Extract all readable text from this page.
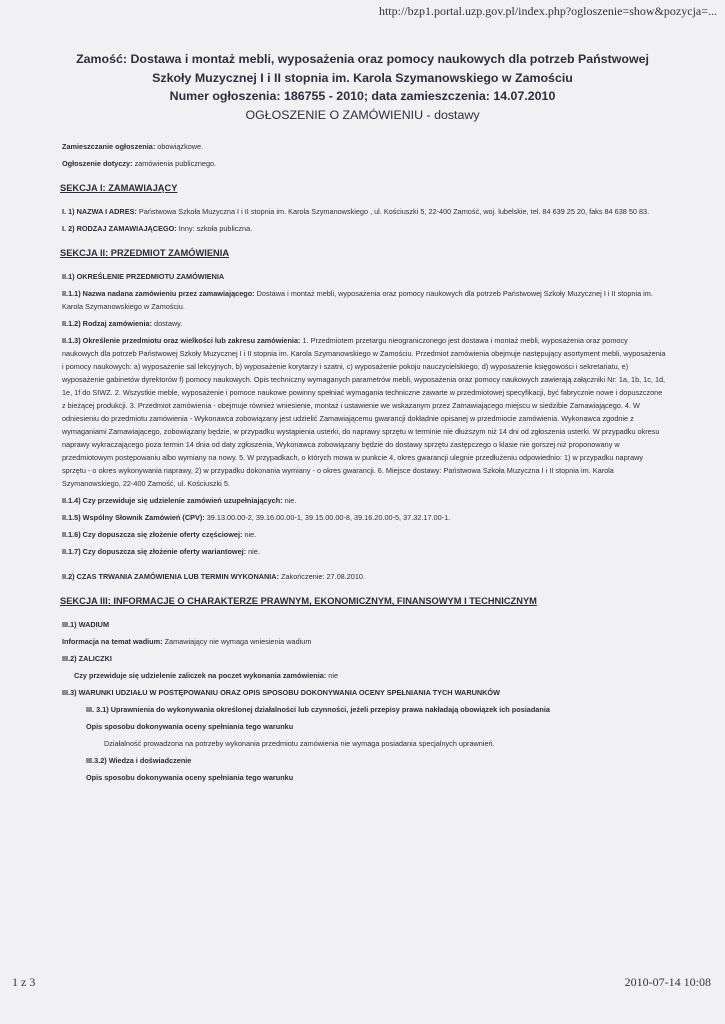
http://bzp1.portal.uzp.gov.pl/index.php?ogloszenie=show&pozycja=...
Zamość: Dostawa i montaż mebli, wyposażenia oraz pomocy naukowych dla potrzeb Państwowej
Szkoły Muzycznej I i II stopnia im. Karola Szymanowskiego w Zamościu
Numer ogłoszenia: 186755 - 2010; data zamieszczenia: 14.07.2010
OGŁOSZENIE O ZAMÓWIENIU - dostawy

Zamieszczanie ogłoszenia: obowiązkowe.

Ogłoszenie dotyczy: zamówienia publicznego.

SEKCJA I: ZAMAWIAJĄCY

I. 1) NAZWA I ADRES: Państwowa Szkoła Muzyczna I i II stopnia im. Karola Szymanowskiego , ul. Kościuszki 5, 22-400 Zamość, woj. lubelskie, tel. 84 639 25 20, faks 84 638 50 83.

I. 2) RODZAJ ZAMAWIAJĄCEGO: Inny: szkoła publiczna.

SEKCJA II: PRZEDMIOT ZAMÓWIENIA

II.1) OKREŚLENIE PRZEDMIOTU ZAMÓWIENIA

II.1.1) Nazwa nadana zamówieniu przez zamawiającego: Dostawa i montaż mebli, wyposażenia oraz pomocy naukowych dla potrzeb Państwowej Szkoły Muzycznej I i II stopnia im. Karola Szymanowskiego w Zamościu.

II.1.2) Rodzaj zamówienia: dostawy.

II.1.3) Określenie przedmiotu oraz wielkości lub zakresu zamówienia: 1. Przedmiotem przetargu nieograniczonego jest dostawa i montaż mebli, wyposażenia oraz pomocy naukowych dla potrzeb Państwowej Szkoły Muzycznej I i II stopnia im. Karola Szymanowskiego w Zamościu. Przedmiot zamówienia obejmuje następujący asortyment mebli, wyposażenia i pomocy naukowych: a) wyposażenie sal lekcyjnych, b) wyposażenie korytarzy i szatni, c) wyposażenie pokoju nauczycielskiego, d) wyposażenie księgowości i sekretariatu, e) wyposażenie gabinetów dyrektorów f) pomocy naukowych. Opis techniczny wymaganych parametrów mebli, wyposażenia oraz pomocy naukowych zawierają załączniki Nr: 1a, 1b, 1c, 1d, 1e, 1f do SIWZ. 2. Wszystkie meble, wyposażenie i pomoce naukowe powinny spełniać wymagania techniczne zawarte w przedmiotowej specyfikacji, być fabrycznie nowe i dopuszczone z bieżącej produkcji. 3. Przedmiot zamówienia - obejmuje również wniesienie, montaż i ustawienie we wskazanym przez Zamawiającego miejscu w siedzibie Zamawiającego. 4. W odniesieniu do przedmiotu zamówienia - Wykonawca zobowiązany jest udzielić Zamawiającemu gwarancji dokładnie opisanej w przedmiocie zamówienia. Wykonawca zgodnie z wymaganiami Zamawiającego, zobowiązany będzie, w przypadku wystąpienia usterki, do naprawy sprzętu w terminie nie dłuższym niż 14 dni od zgłoszenia usterki. W przypadku okresu naprawy wykraczającego poza termin 14 dnia od daty zgłoszenia, Wykonawca zobowiązany będzie do dostawy sprzętu zastępczego o klasie nie gorszej niż proponowany w przedmiotowym postępowaniu albo wymiany na nowy. 5. W przypadkach, o których mowa w punkcie 4, okres gwarancji ulegnie przedłużeniu odpowiednio: 1) w przypadku naprawy sprzętu - o okres wykonywania naprawy, 2) w przypadku dokonania wymiany - o okres gwarancji. 6. Miejsce dostawy: Państwowa Szkoła Muzyczna I i II stopnia im. Karola Szymanowskiego, 22-400 Zamość, ul. Kościuszki 5.

II.1.4) Czy przewiduje się udzielenie zamówień uzupełniających: nie.

II.1.5) Wspólny Słownik Zamówień (CPV): 39.13.00.00-2, 39.16.00.00-1, 39.15.00.00-8, 39.16.20.00-5, 37.32.17.00-1.

II.1.6) Czy dopuszcza się złożenie oferty częściowej: nie.

II.1.7) Czy dopuszcza się złożenie oferty wariantowej: nie.

II.2) CZAS TRWANIA ZAMÓWIENIA LUB TERMIN WYKONANIA: Zakończenie: 27.08.2010.

SEKCJA III: INFORMACJE O CHARAKTERZE PRAWNYM, EKONOMICZNYM, FINANSOWYM I TECHNICZNYM

III.1) WADIUM

Informacja na temat wadium: Zamawiający nie wymaga wniesienia wadium

III.2) ZALICZKI

Czy przewiduje się udzielenie zaliczek na poczet wykonania zamówienia: nie

III.3) WARUNKI UDZIAŁU W POSTĘPOWANIU ORAZ OPIS SPOSOBU DOKONYWANIA OCENY SPEŁNIANIA TYCH WARUNKÓW

III. 3.1) Uprawnienia do wykonywania określonej działalności lub czynności, jeżeli przepisy prawa nakładają obowiązek ich posiadania

Opis sposobu dokonywania oceny spełniania tego warunku

Działalność prowadzona na potrzeby wykonania przedmiotu zamówienia nie wymaga posiadania specjalnych uprawnień.

III.3.2) Wiedza i doświadczenie

Opis sposobu dokonywania oceny spełniania tego warunku

1 z 3	2010-07-14 10:08
